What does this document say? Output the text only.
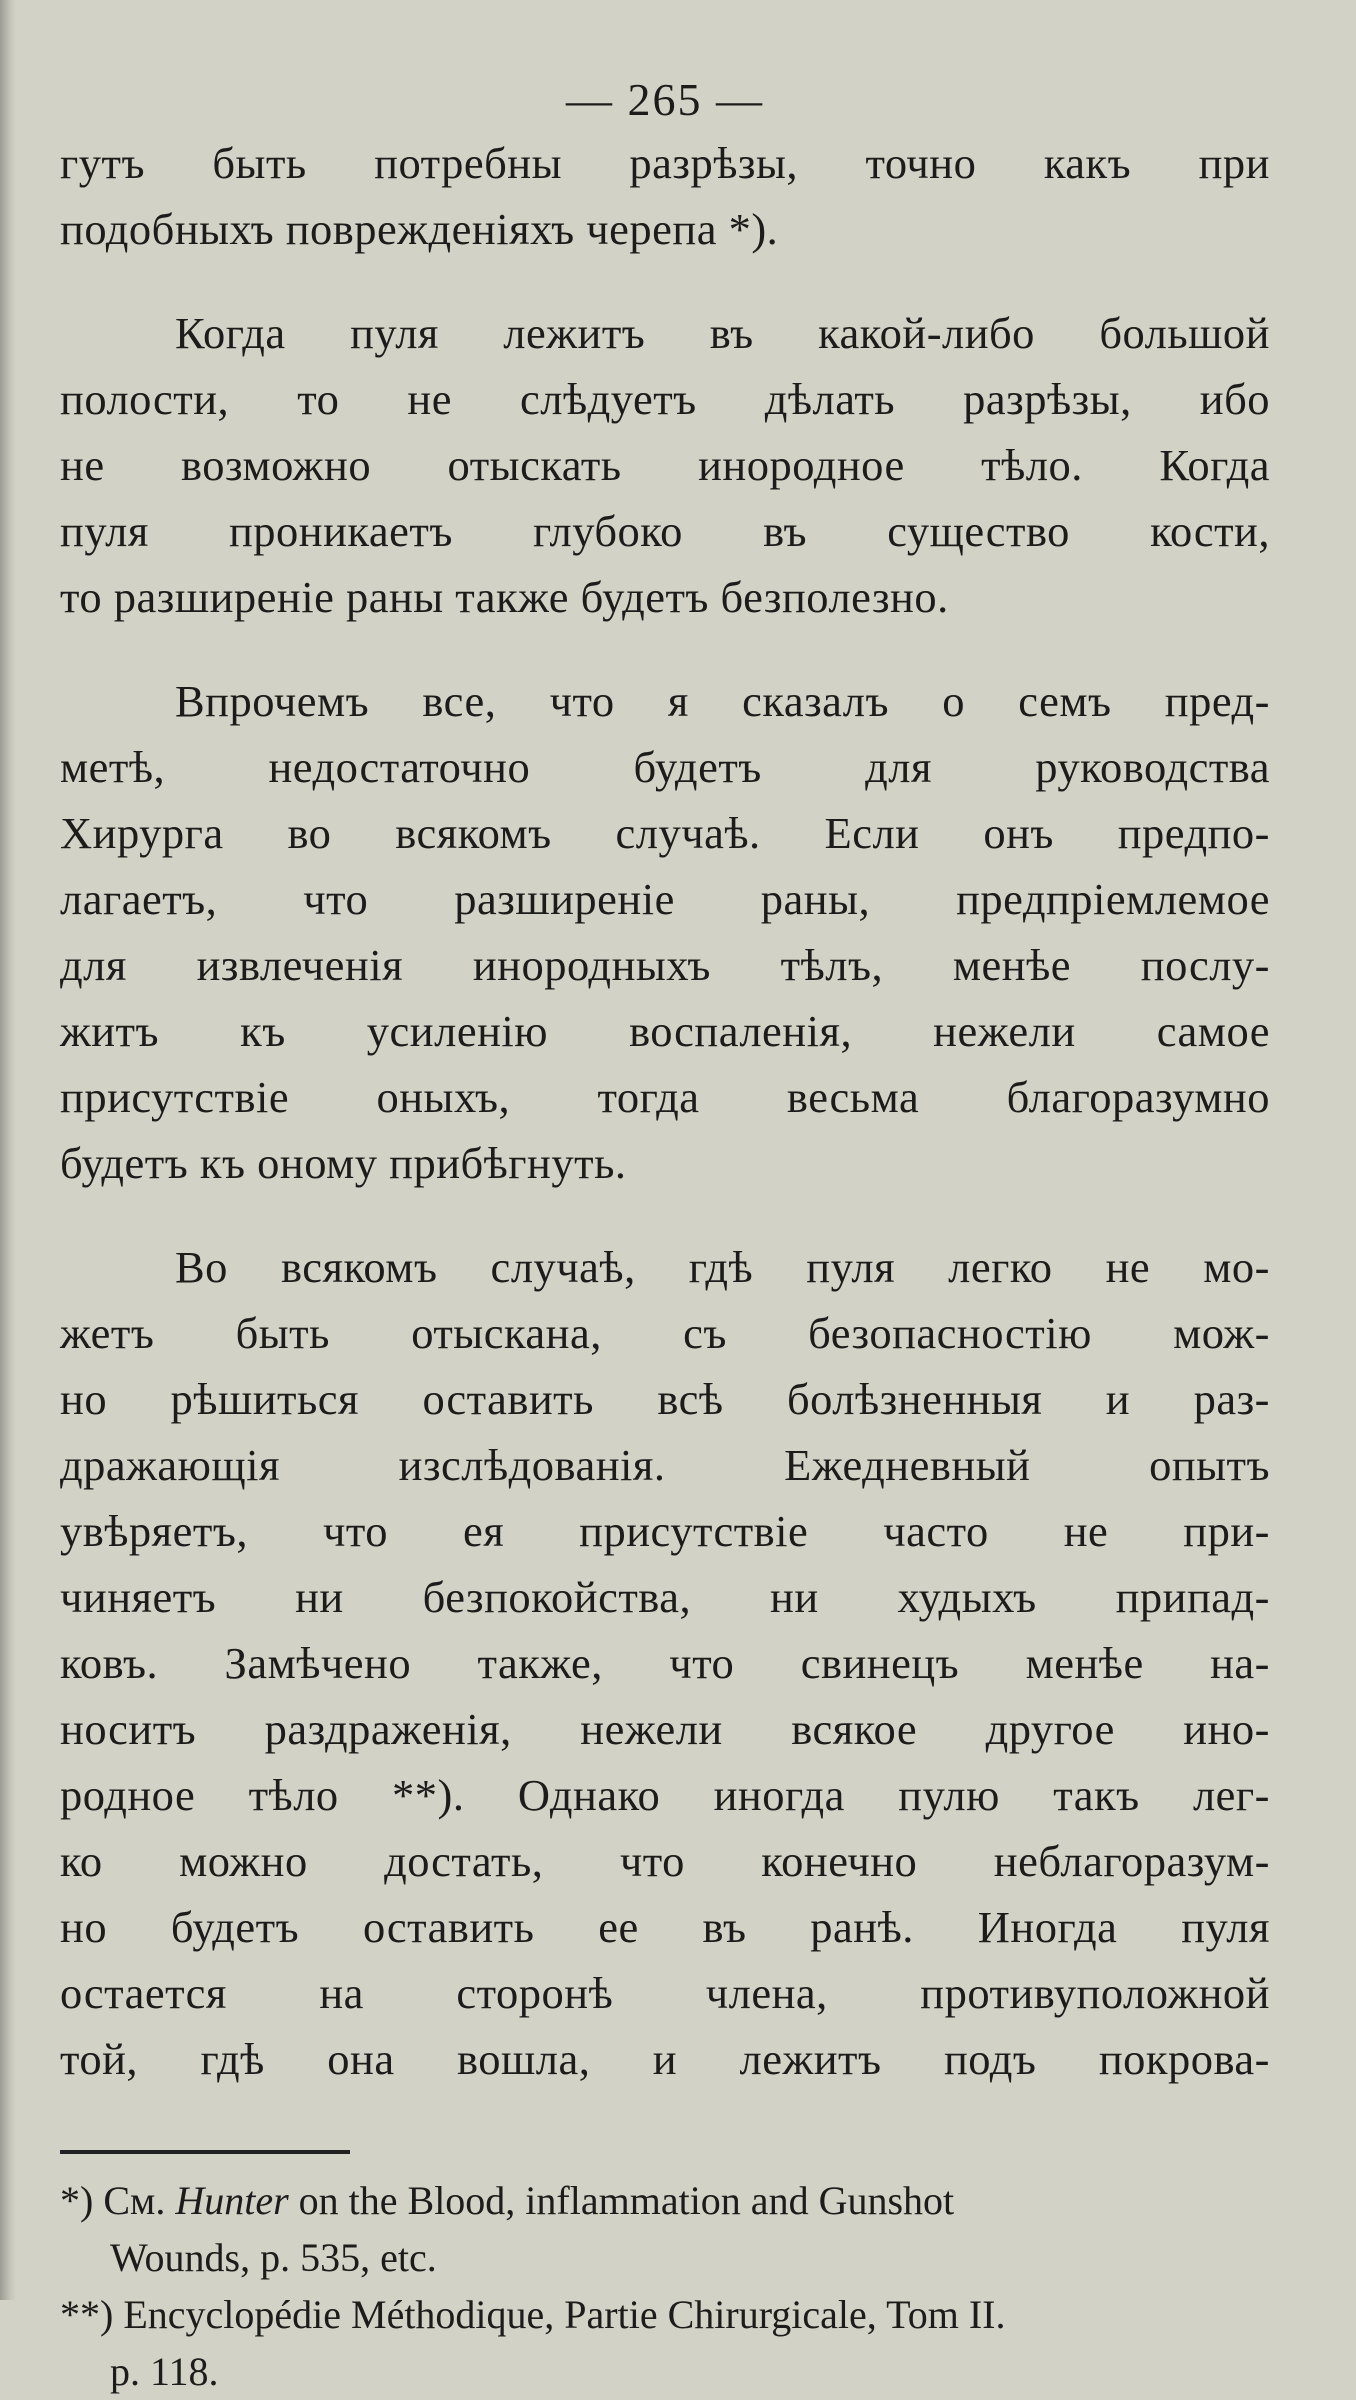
— 265 —

гутъ быть потребны разрѣзы, точно какъ при

подобныхъ поврежденіяхъ черепа *).

Когда пуля лежитъ въ какой-либо большой

полости, то не слѣдуетъ дѣлать разрѣзы, ибо

не возможно отыскать инородное тѣло. Когда

пуля проникаетъ глубоко въ существо кости,

то разширеніе раны также будетъ безполезно.

Впрочемъ все, что я сказалъ о семъ пред-

метѣ, недостаточно будетъ для руководства

Хирурга во всякомъ случаѣ. Если онъ предпо-

лагаетъ, что разширеніе раны, предпріемлемое

для извлеченія инородныхъ тѣлъ, менѣе послу-

житъ къ усиленію воспаленія, нежели самое

присутствіе оныхъ, тогда весьма благоразумно

будетъ къ оному прибѣгнуть.

Во всякомъ случаѣ, гдѣ пуля легко не мо-

жетъ быть отыскана, съ безопасностію мож-

но рѣшиться оставить всѣ болѣзненныя и раз-

дражающія изслѣдованія. Ежедневный опытъ

увѣряетъ, что ея присутствіе часто не при-

чиняетъ ни безпокойства, ни худыхъ припад-

ковъ. Замѣчено также, что свинецъ менѣе на-

носитъ раздраженія, нежели всякое другое ино-

родное тѣло **). Однако иногда пулю такъ лег-

ко можно достать, что конечно неблагоразум-

но будетъ оставить ее въ ранѣ. Иногда пуля

остается на сторонѣ члена, противуположной

той, гдѣ она вошла, и лежитъ подъ покрова-

*) См. Hunter on the Blood, inflammation and Gunshot

Wounds, p. 535, etc.

**) Encyclopédie Méthodique, Partie Chirurgicale, Tom II.

p. 118.
